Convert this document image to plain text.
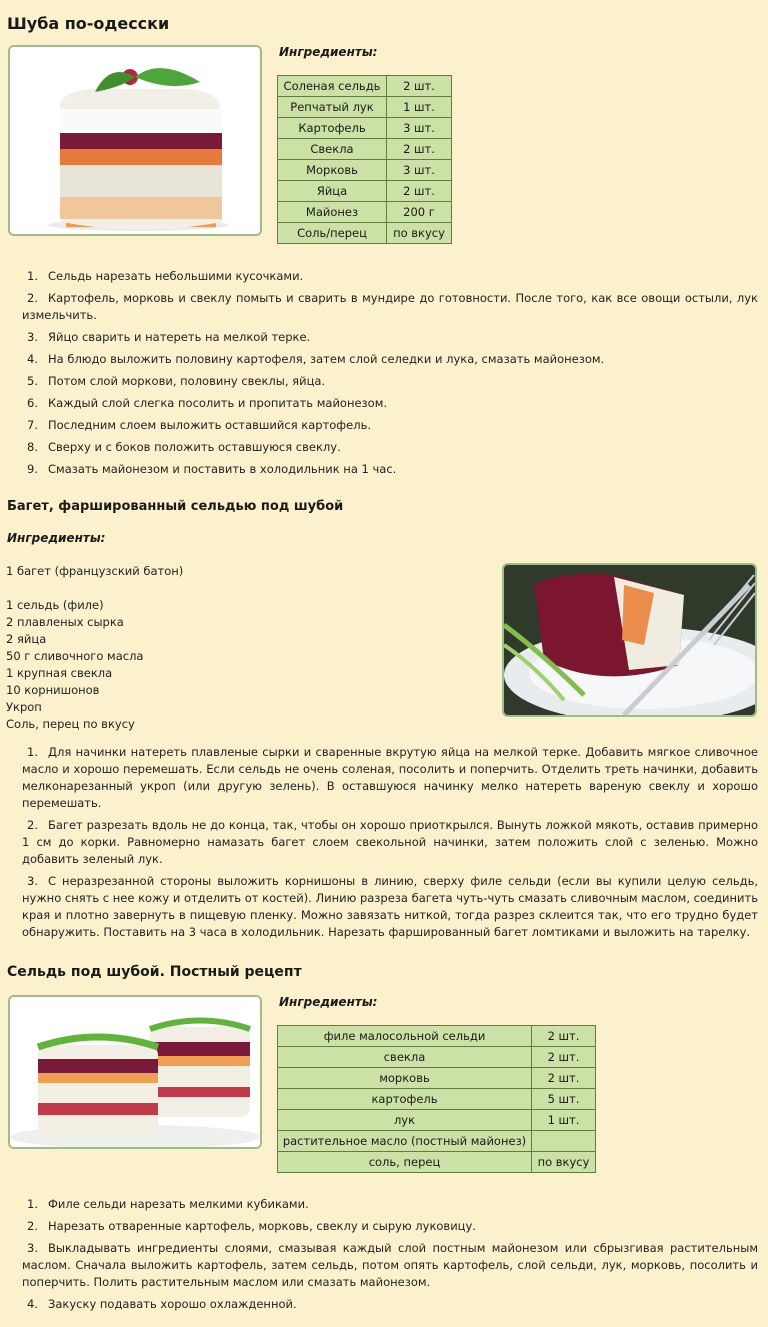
Шуба по-одесски
Ингредиенты:
Соленая сельдь	2 шт.
Репчатый лук	1 шт.
Картофель	3 шт.
Свекла	2 шт.
Морковь	3 шт.
Яйца	2 шт.
Майонез	200 г
Соль/перец	по вкусу
1. Сельдь нарезать небольшими кусочками.
2. Картофель, морковь и свеклу помыть и сварить в мундире до готовности. После того, как все овощи остыли, лук измельчить.
3. Яйцо сварить и натереть на мелкой терке.
4. На блюдо выложить половину картофеля, затем слой селедки и лука, смазать майонезом.
5. Потом слой моркови, половину свеклы, яйца.
6. Каждый слой слегка посолить и пропитать майонезом.
7. Последним слоем выложить оставшийся картофель.
8. Сверху и с боков положить оставшуюся свеклу.
9. Смазать майонезом и поставить в холодильник на 1 час.
Багет, фаршированный сельдью под шубой
Ингредиенты:
1 багет (французский батон)
1 сельдь (филе)
2 плавленых сырка
2 яйца
50 г сливочного масла
1 крупная свекла
10 корнишонов
Укроп
Соль, перец по вкусу
1. Для начинки натереть плавленые сырки и сваренные вкрутую яйца на мелкой терке. Добавить мягкое сливочное масло и хорошо перемешать. Если сельдь не очень соленая, посолить и поперчить. Отделить треть начинки, добавить мелконарезанный укроп (или другую зелень). В оставшуюся начинку мелко натереть вареную свеклу и хорошо перемешать.
2. Багет разрезать вдоль не до конца, так, чтобы он хорошо приоткрылся. Вынуть ложкой мякоть, оставив примерно 1 см до корки. Равномерно намазать багет слоем свекольной начинки, затем положить слой с зеленью. Можно добавить зеленый лук.
3. С неразрезанной стороны выложить корнишоны в линию, сверху филе сельди (если вы купили целую сельдь, нужно снять с нее кожу и отделить от костей). Линию разреза багета чуть-чуть смазать сливочным маслом, соединить края и плотно завернуть в пищевую пленку. Можно завязать ниткой, тогда разрез склеится так, что его трудно будет обнаружить. Поставить на 3 часа в холодильник. Нарезать фаршированный багет ломтиками и выложить на тарелку.
Сельдь под шубой. Постный рецепт
Ингредиенты:
филе малосольной сельди	2 шт.
свекла	2 шт.
морковь	2 шт.
картофель	5 шт.
лук	1 шт.
растительное масло (постный майонез)	
соль, перец	по вкусу
1. Филе сельди нарезать мелкими кубиками.
2. Нарезать отваренные картофель, морковь, свеклу и сырую луковицу.
3. Выкладывать ингредиенты слоями, смазывая каждый слой постным майонезом или сбрызгивая растительным маслом. Сначала выложить картофель, затем сельдь, потом опять картофель, слой сельди, лук, морковь, посолить и поперчить. Полить растительным маслом или смазать майонезом.
4. Закуску подавать хорошо охлажденной.
